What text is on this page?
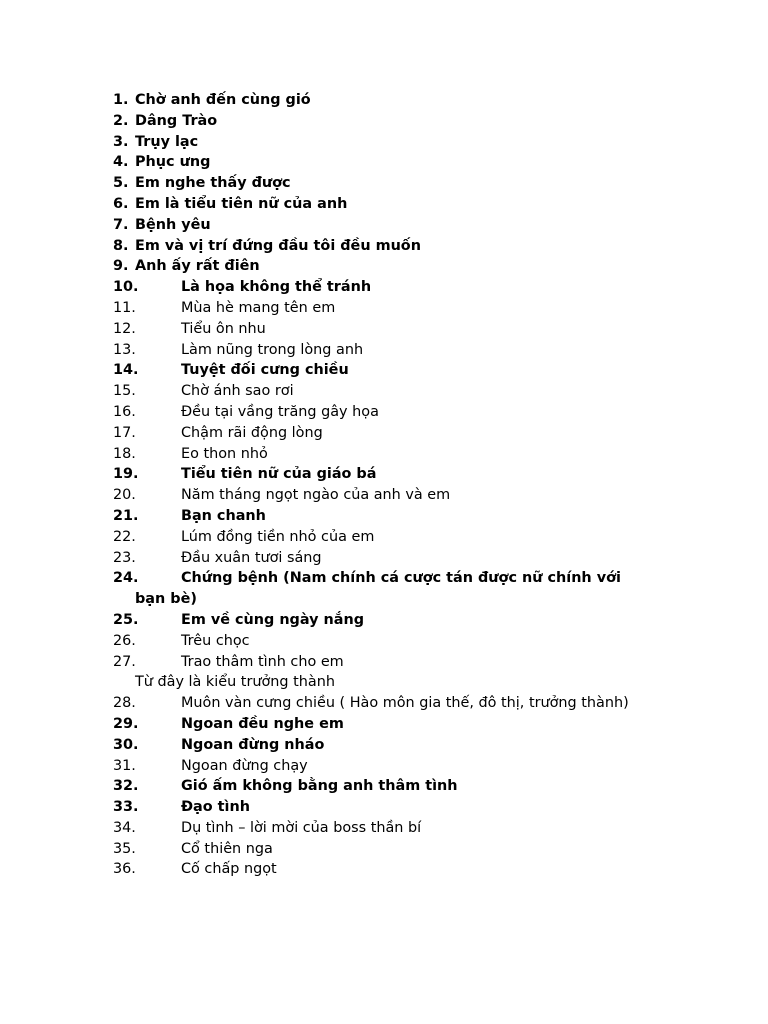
1. Chờ anh đến cùng gió
2. Dâng Trào
3. Trụy lạc
4. Phục ưng
5. Em nghe thấy được
6. Em là tiểu tiên nữ của anh
7. Bệnh yêu
8. Em và vị trí đứng đầu tôi đều muốn
9. Anh ấy rất điên
10.	Là họa không thể tránh
11.	Mùa hè mang tên em
12.	Tiểu ôn nhu
13.	Làm nũng trong lòng anh
14.	Tuyệt đối cưng chiều
15.	Chờ ánh sao rơi
16.	Đều tại vầng trăng gây họa
17.	Chậm rãi động lòng
18.	Eo thon nhỏ
19.	Tiểu tiên nữ của giáo bá
20.	Năm tháng ngọt ngào của anh và em
21.	Bạn chanh
22.	Lúm đồng tiền nhỏ của em
23.	Đầu xuân tươi sáng
24.	Chứng bệnh (Nam chính cá cược tán được nữ chính với
bạn bè)
25.	Em về cùng ngày nắng
26.	Trêu chọc
27.	Trao thâm tình cho em
Từ đây là kiểu trưởng thành
28.	Muôn vàn cưng chiều ( Hào môn gia thế, đô thị, trưởng thành)
29.	Ngoan đều nghe em
30.	Ngoan đừng nháo
31.	Ngoan đừng chạy
32.	Gió ấm không bằng anh thâm tình
33.	Đạo tình
34.	Dụ tình – lời mời của boss thần bí
35.	Cổ thiên nga
36.	Cố chấp ngọt
